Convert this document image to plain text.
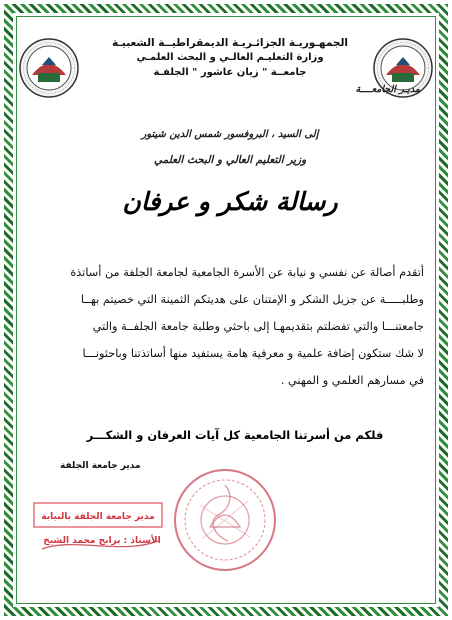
الجمهـوريـة الجزائـريـة الديمقراطيــة الشعبيـة
وزارة التعليـم العالـي و البحث العلمـي
جامعــة " زيان عاشور " الجلفـة
مديـر الجامعــــة
إلى السيد ، البروفسور شمس الدين شيتور
وزير التعليم العالي و البحث العلمي
رسالة شكر و عرفان
أتقدم أصالة عن نفسي و نيابة عن الأسرة الجامعية لجامعة الجلفة من أساتذة
وطلبـــــة عن جزيل الشكر و الإمتنان على هديتكم الثمينة التي خصيتم بهــا
جامعتنـــا والتي تفضلتم بتقديمهـا إلى باحثي وطلبة جامعة الجلفــة والتي
لا شك ستكون إضافة علمية و معرفية هامة يستفيد منها أساتذتنا وباحثونـــا
في مسارهم العلمي و المهني .
فلكم من أسرتنا الجامعية كل آيات العرفان و الشكـــر
مدير جامعة الجلفة
مدير جامعة الجلفة بالنيابة
الأستاذ : برابح محمد الشيخ
